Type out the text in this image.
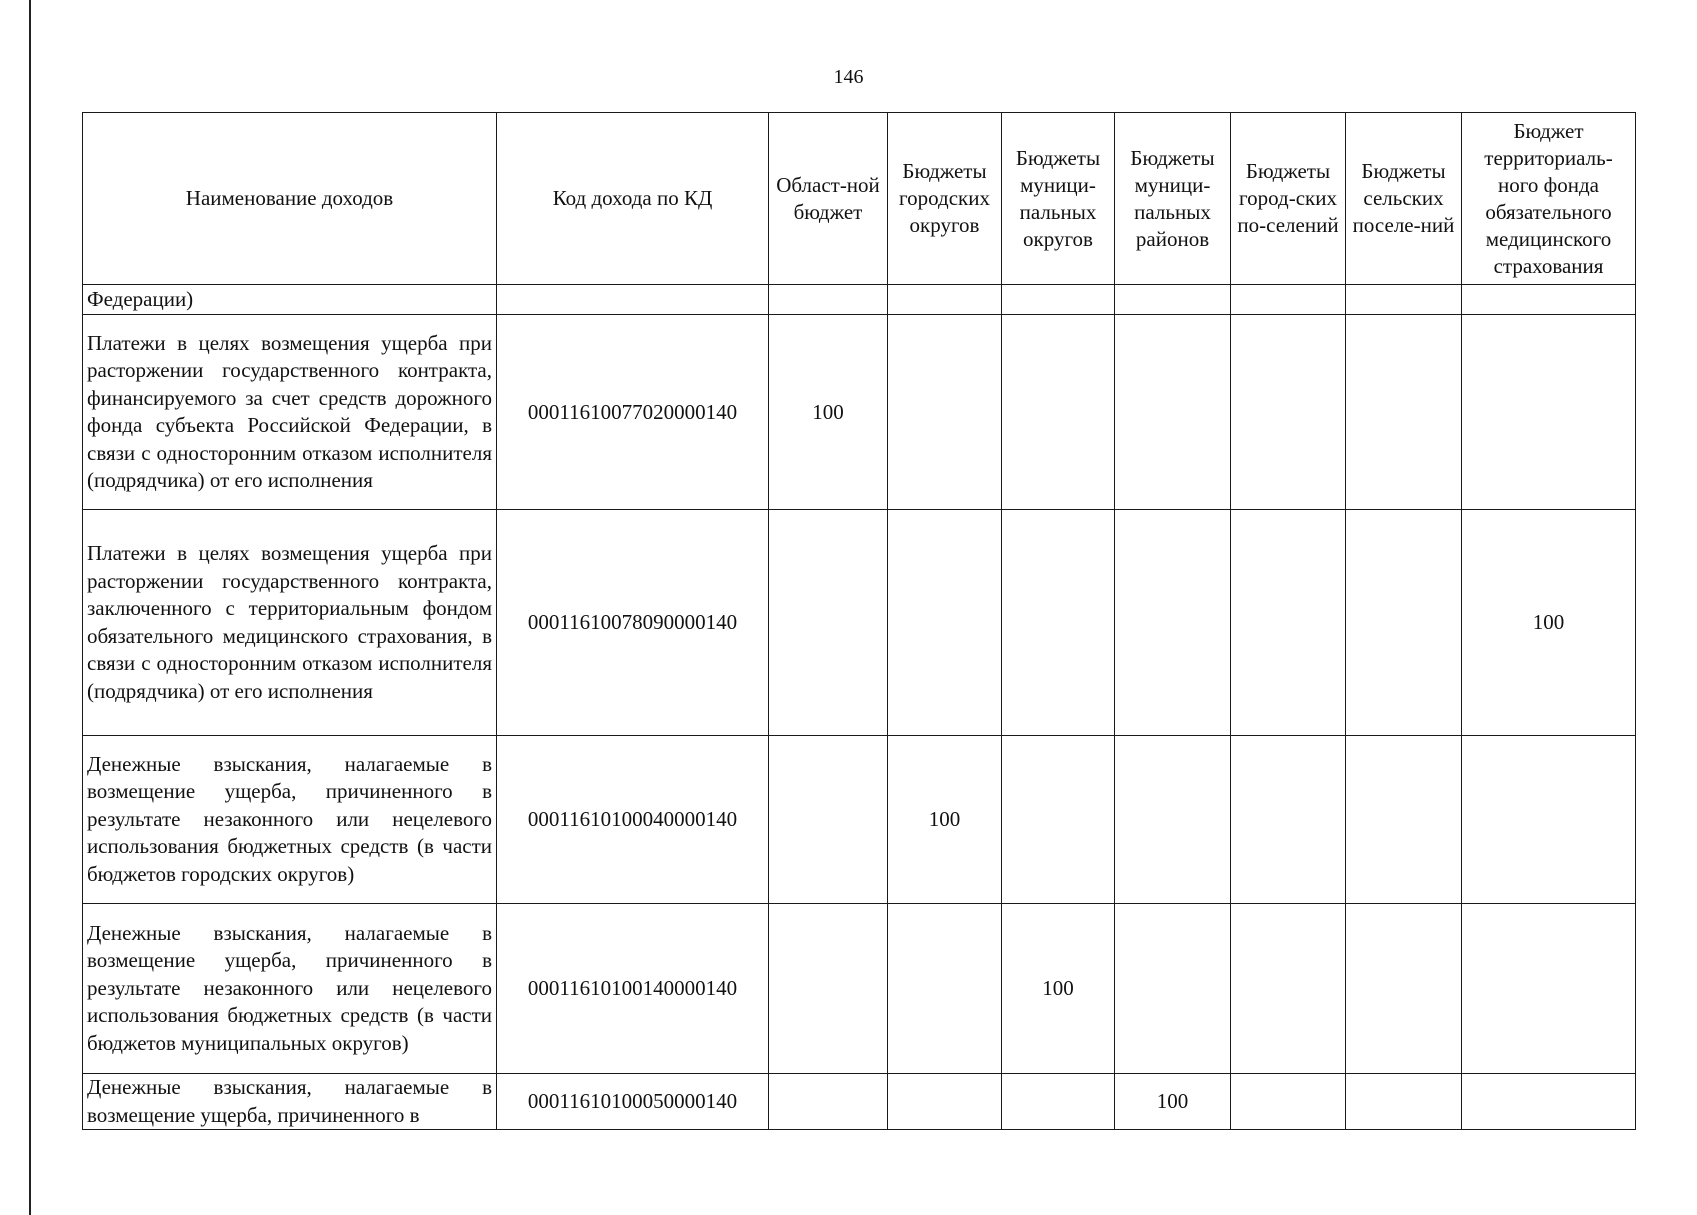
146
Наименование доходов	Код дохода по КД	Област-ной бюджет	Бюджеты городских округов	Бюджеты муници-пальных округов	Бюджеты муници-пальных районов	Бюджеты город-ских по-селений	Бюджеты сельских поселе-ний	Бюджет территориаль-ного фонда обязательного медицинского страхования
Федерации)								
Платежи в целях возмещения ущерба при расторжении государственного контракта, финансируемого за счет средств дорожного фонда субъекта Российской Федерации, в связи с односторонним отказом исполнителя (подрядчика) от его исполнения	00011610077020000140	100						
Платежи в целях возмещения ущерба при расторжении государственного контракта, заключенного с территориальным фондом обязательного медицинского страхования, в связи с односторонним отказом исполнителя (подрядчика) от его исполнения	00011610078090000140							100
Денежные взыскания, налагаемые в возмещение ущерба, причиненного в результате незаконного или нецелевого использования бюджетных средств (в части бюджетов городских округов)	00011610100040000140		100					
Денежные взыскания, налагаемые в возмещение ущерба, причиненного в результате незаконного или нецелевого использования бюджетных средств (в части бюджетов муниципальных округов)	00011610100140000140			100				
Денежные взыскания, налагаемые в возмещение ущерба, причиненного в	00011610100050000140				100			
